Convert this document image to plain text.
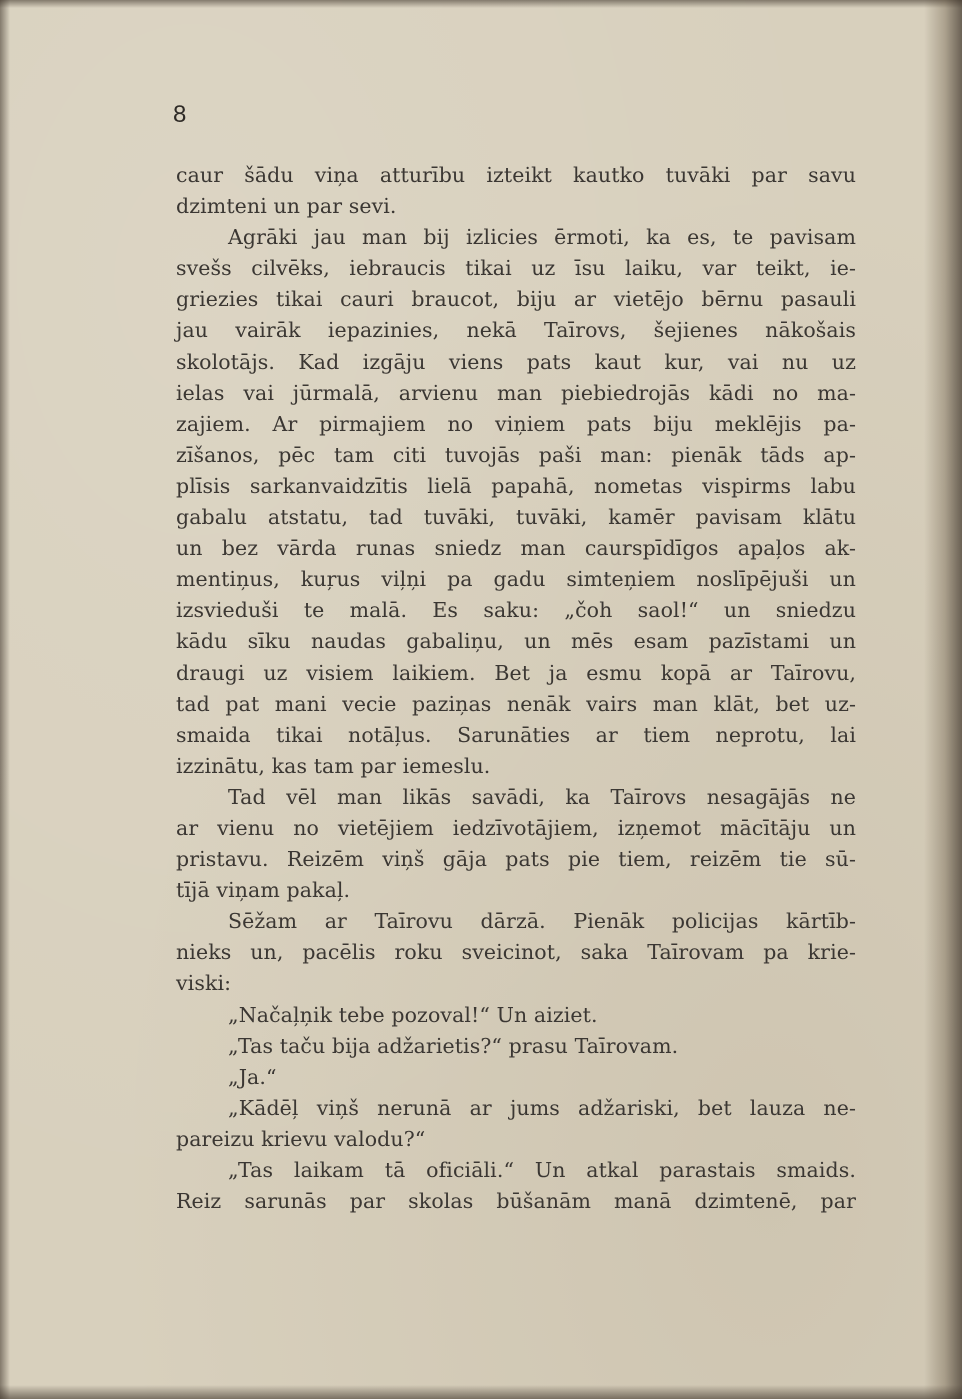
8
caur šādu viņa atturību izteikt kautko tuvāki par savu
dzimteni un par sevi.
Agrāki jau man bij izlicies ērmoti, ka es, te pavisam
svešs cilvēks, iebraucis tikai uz īsu laiku, var teikt, ie-
griezies tikai cauri braucot, biju ar vietējo bērnu pasauli
jau vairāk iepazinies, nekā Taīrovs, šejienes nākošais
skolotājs. Kad izgāju viens pats kaut kur, vai nu uz
ielas vai jūrmalā, arvienu man piebiedrojās kādi no ma-
zajiem. Ar pirmajiem no viņiem pats biju meklējis pa-
zīšanos, pēc tam citi tuvojās paši man: pienāk tāds ap-
plīsis sarkanvaidzītis lielā papahā, nometas vispirms labu
gabalu atstatu, tad tuvāki, tuvāki, kamēr pavisam klātu
un bez vārda runas sniedz man caurspīdīgos apaļos ak-
mentiņus, kuŗus viļņi pa gadu simteņiem noslīpējuši un
izsvieduši te malā. Es saku: „čoh saol!“ un sniedzu
kādu sīku naudas gabaliņu, un mēs esam pazīstami un
draugi uz visiem laikiem. Bet ja esmu kopā ar Taīrovu,
tad pat mani vecie paziņas nenāk vairs man klāt, bet uz-
smaida tikai notāļus. Sarunāties ar tiem neprotu, lai
izzinātu, kas tam par iemeslu.
Tad vēl man likās savādi, ka Taīrovs nesagājās ne
ar vienu no vietējiem iedzīvotājiem, izņemot mācītāju un
pristavu. Reizēm viņš gāja pats pie tiem, reizēm tie sū-
tījā viņam pakaļ.
Sēžam ar Taīrovu dārzā. Pienāk policijas kārtīb-
nieks un, pacēlis roku sveicinot, saka Taīrovam pa krie-
viski:
„Načaļņik tebe pozoval!“ Un aiziet.
„Tas taču bija adžarietis?“ prasu Taīrovam.
„Ja.“
„Kādēļ viņš nerunā ar jums adžariski, bet lauza ne-
pareizu krievu valodu?“
„Tas laikam tā oficiāli.“ Un atkal parastais smaids.
Reiz sarunās par skolas būšanām manā dzimtenē, par
